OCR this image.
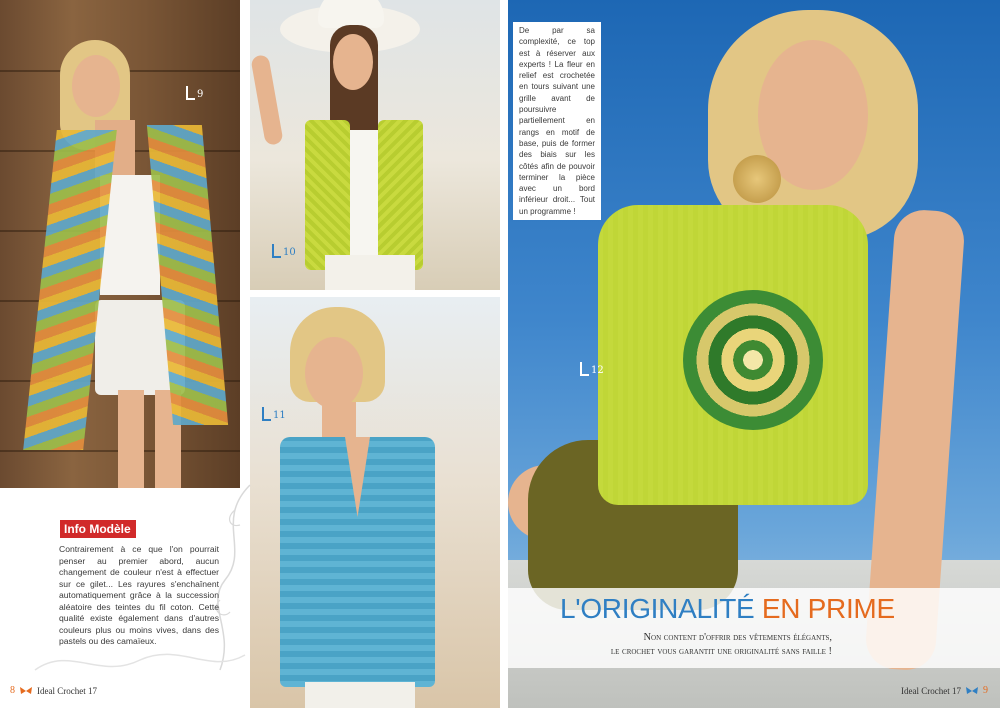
9
10
11
12
De par sa complexité, ce top est à réserver aux experts ! La fleur en relief est crochetée en tours suivant une grille avant de poursuivre partiellement en rangs en motif de base, puis de former des biais sur les côtés afin de pouvoir terminer la pièce avec un bord inférieur droit... Tout un programme !
Info Modèle
Contrairement à ce que l'on pourrait penser au premier abord, aucun changement de couleur n'est à effectuer sur ce gilet... Les rayures s'enchaînent automatiquement grâce à la succession aléatoire des teintes du fil coton. Cette qualité existe également dans d'autres couleurs plus ou moins vives, dans des pastels ou des camaïeux.
L'ORIGINALITÉ EN PRIME
Non content d'offrir des vêtements élégants,
le crochet vous garantit une originalité sans faille !
8 Ideal Crochet 17	Ideal Crochet 17 9
